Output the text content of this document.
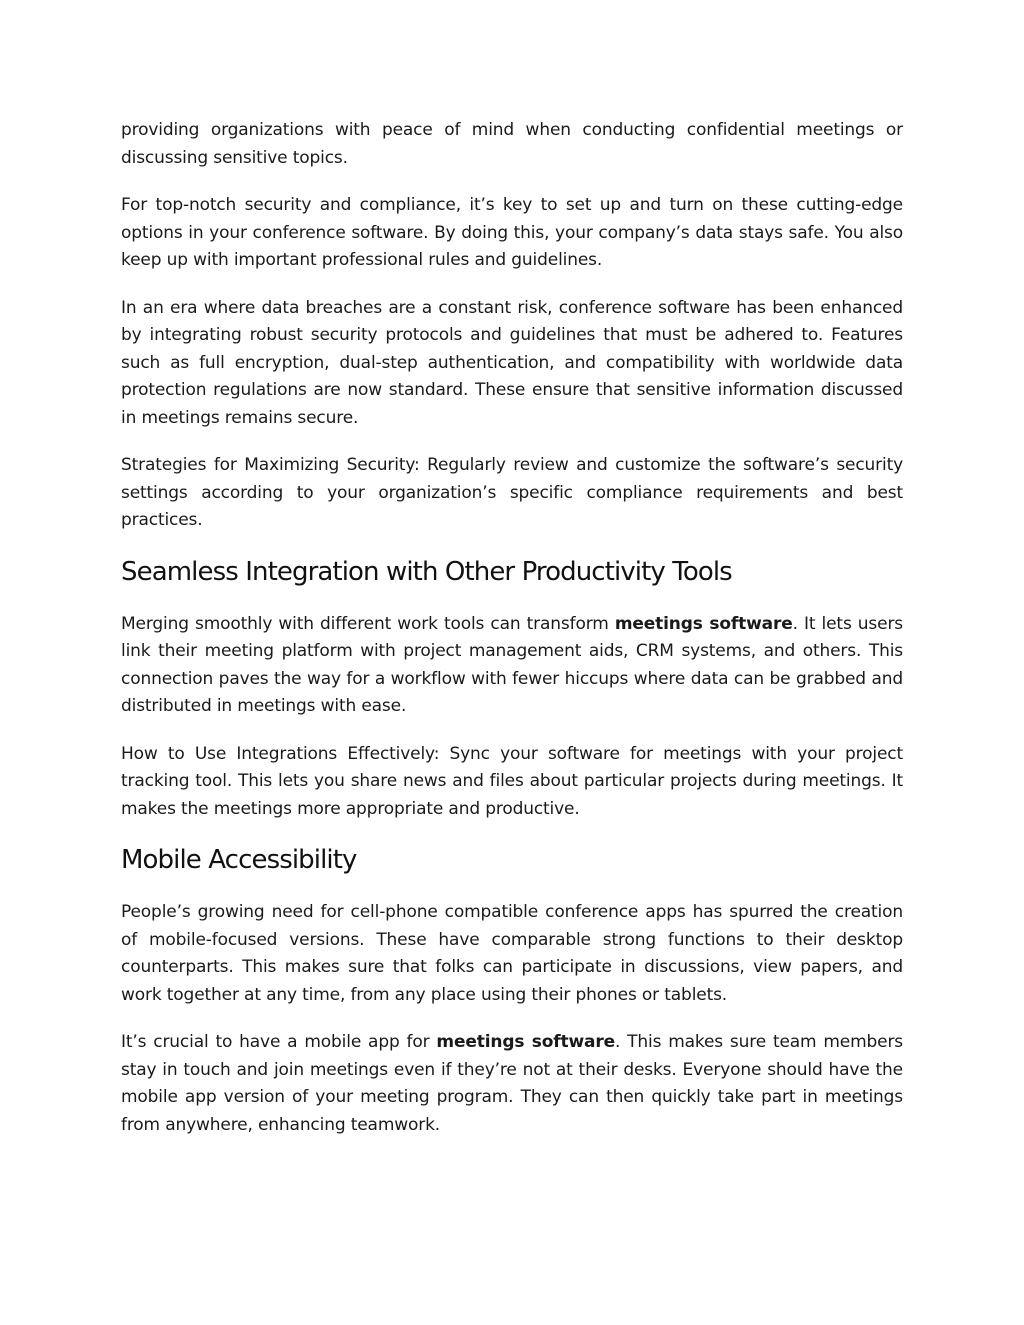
providing organizations with peace of mind when conducting confidential meetings or discussing sensitive topics.

For top-notch security and compliance, it’s key to set up and turn on these cutting-edge options in your conference software. By doing this, your company’s data stays safe. You also keep up with important professional rules and guidelines.

In an era where data breaches are a constant risk, conference software has been enhanced by integrating robust security protocols and guidelines that must be adhered to. Features such as full encryption, dual-step authentication, and compatibility with worldwide data protection regulations are now standard. These ensure that sensitive information discussed in meetings remains secure.

Strategies for Maximizing Security: Regularly review and customize the software’s security settings according to your organization’s specific compliance requirements and best practices.

Seamless Integration with Other Productivity Tools

Merging smoothly with different work tools can transform meetings software. It lets users link their meeting platform with project management aids, CRM systems, and others. This connection paves the way for a workflow with fewer hiccups where data can be grabbed and distributed in meetings with ease.

How to Use Integrations Effectively: Sync your software for meetings with your project tracking tool. This lets you share news and files about particular projects during meetings. It makes the meetings more appropriate and productive.

Mobile Accessibility

People’s growing need for cell-phone compatible conference apps has spurred the creation of mobile-focused versions. These have comparable strong functions to their desktop counterparts. This makes sure that folks can participate in discussions, view papers, and work together at any time, from any place using their phones or tablets.

It’s crucial to have a mobile app for meetings software. This makes sure team members stay in touch and join meetings even if they’re not at their desks. Everyone should have the mobile app version of your meeting program. They can then quickly take part in meetings from anywhere, enhancing teamwork.
